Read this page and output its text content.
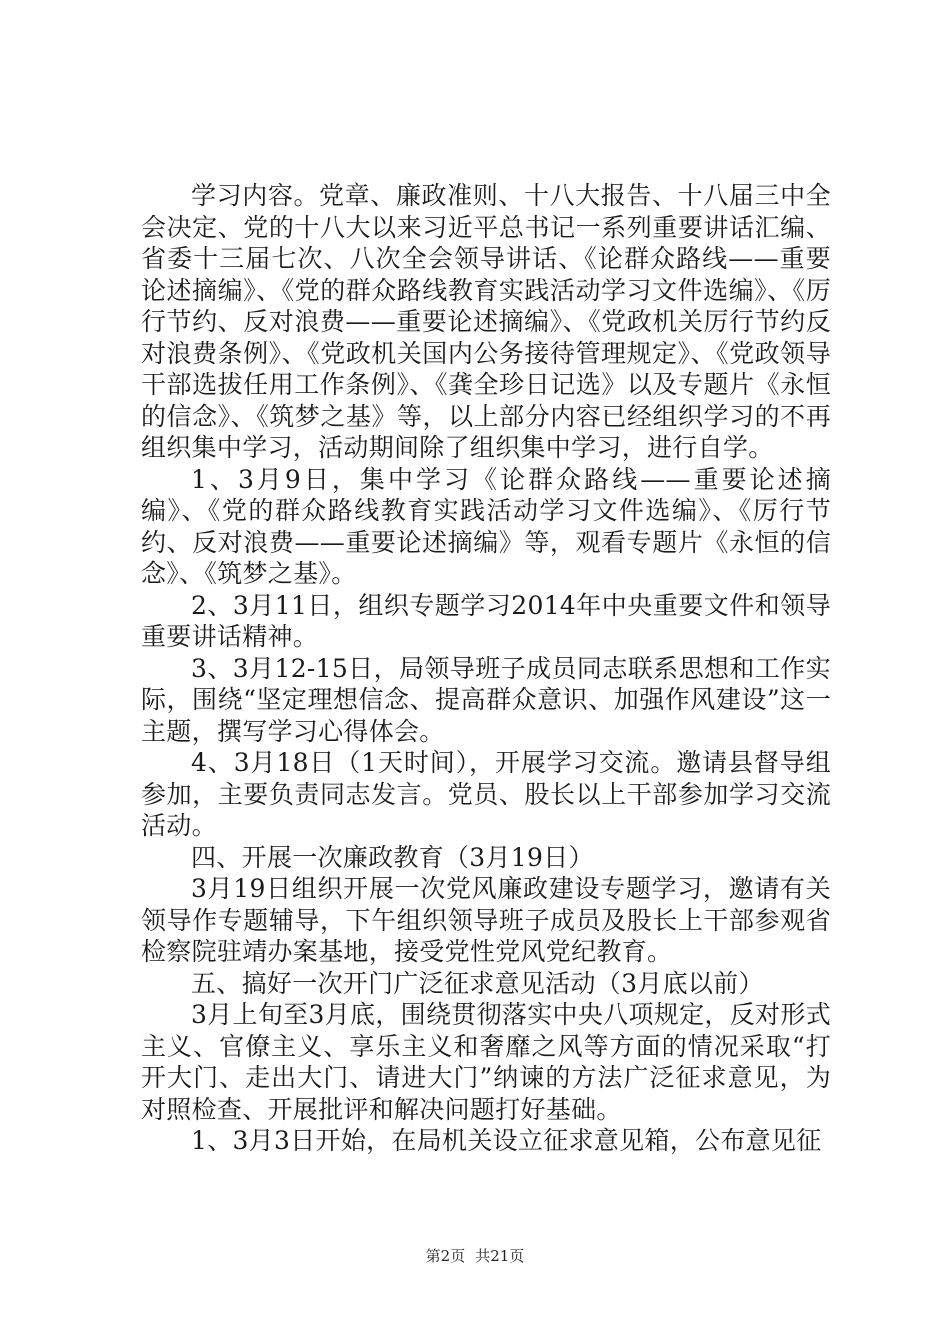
学习内容。党章、廉政准则、十八大报告、十八届三中全会决定、党的十八大以来习近平总书记一系列重要讲话汇编、省委十三届七次、八次全会领导讲话、《论群众路线——重要论述摘编》、《党的群众路线教育实践活动学习文件选编》、《厉行节约、反对浪费——重要论述摘编》、《党政机关厉行节约反对浪费条例》、《党政机关国内公务接待管理规定》、《党政领导干部选拔任用工作条例》、《龚全珍日记选》以及专题片《永恒的信念》、《筑梦之基》等，以上部分内容已经组织学习的不再组织集中学习，活动期间除了组织集中学习，进行自学。

1、3月9日，集中学习《论群众路线——重要论述摘编》、《党的群众路线教育实践活动学习文件选编》、《厉行节约、反对浪费——重要论述摘编》等，观看专题片《永恒的信念》、《筑梦之基》。

2、3月11日，组织专题学习2014年中央重要文件和领导重要讲话精神。

3、3月12-15日，局领导班子成员同志联系思想和工作实际，围绕“坚定理想信念、提高群众意识、加强作风建设”这一主题，撰写学习心得体会。

4、3月18日（1天时间），开展学习交流。邀请县督导组参加，主要负责同志发言。党员、股长以上干部参加学习交流活动。

四、开展一次廉政教育（3月19日）

3月19日组织开展一次党风廉政建设专题学习，邀请有关领导作专题辅导，下午组织领导班子成员及股长上干部参观省检察院驻靖办案基地，接受党性党风党纪教育。

五、搞好一次开门广泛征求意见活动（3月底以前）

3月上旬至3月底，围绕贯彻落实中央八项规定，反对形式主义、官僚主义、享乐主义和奢靡之风等方面的情况采取“打开大门、走出大门、请进大门”纳谏的方法广泛征求意见，为对照检查、开展批评和解决问题打好基础。

1、3月3日开始，在局机关设立征求意见箱，公布意见征

第2页 共21页
